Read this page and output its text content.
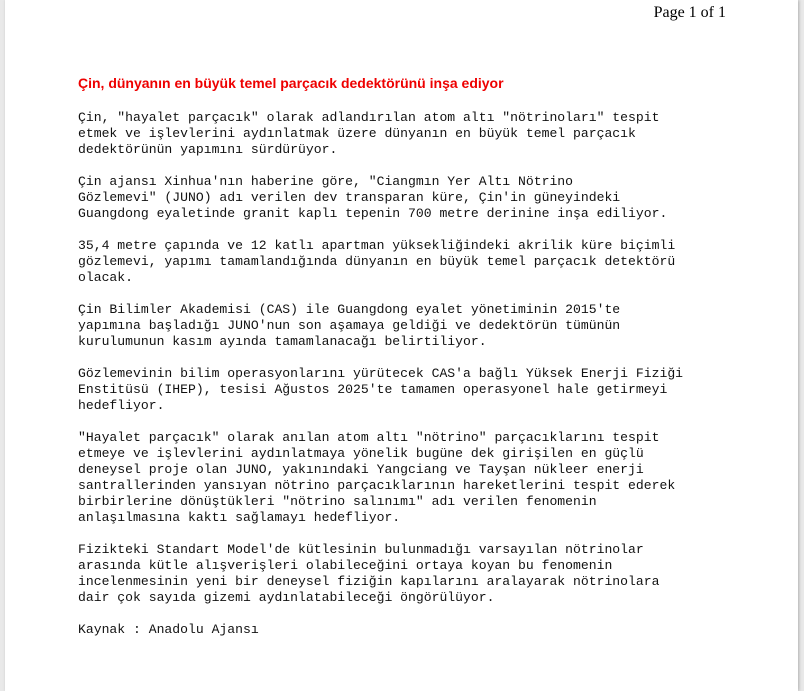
Page 1 of 1
Çin, dünyanın en büyük temel parçacık dedektörünü inşa ediyor

Çin, "hayalet parçacık" olarak adlandırılan atom altı "nötrinoları" tespit
etmek ve işlevlerini aydınlatmak üzere dünyanın en büyük temel parçacık
dedektörünün yapımını sürdürüyor.

Çin ajansı Xinhua'nın haberine göre, "Ciangmın Yer Altı Nötrino
Gözlemevi" (JUNO) adı verilen dev transparan küre, Çin'in güneyindeki
Guangdong eyaletinde granit kaplı tepenin 700 metre derinine inşa ediliyor.

35,4 metre çapında ve 12 katlı apartman yüksekliğindeki akrilik küre biçimli
gözlemevi, yapımı tamamlandığında dünyanın en büyük temel parçacık detektörü
olacak.

Çin Bilimler Akademisi (CAS) ile Guangdong eyalet yönetiminin 2015'te
yapımına başladığı JUNO'nun son aşamaya geldiği ve dedektörün tümünün
kurulumunun kasım ayında tamamlanacağı belirtiliyor.

Gözlemevinin bilim operasyonlarını yürütecek CAS'a bağlı Yüksek Enerji Fiziği
Enstitüsü (IHEP), tesisi Ağustos 2025'te tamamen operasyonel hale getirmeyi
hedefliyor.

"Hayalet parçacık" olarak anılan atom altı "nötrino" parçacıklarını tespit
etmeye ve işlevlerini aydınlatmaya yönelik bugüne dek girişilen en güçlü
deneysel proje olan JUNO, yakınındaki Yangciang ve Tayşan nükleer enerji
santrallerinden yansıyan nötrino parçacıklarının hareketlerini tespit ederek
birbirlerine dönüştükleri "nötrino salınımı" adı verilen fenomenin
anlaşılmasına kaktı sağlamayı hedefliyor.

Fizikteki Standart Model'de kütlesinin bulunmadığı varsayılan nötrinolar
arasında kütle alışverişleri olabileceğini ortaya koyan bu fenomenin
incelenmesinin yeni bir deneysel fiziğin kapılarını aralayarak nötrinolara
dair çok sayıda gizemi aydınlatabileceği öngörülüyor.

Kaynak : Anadolu Ajansı
